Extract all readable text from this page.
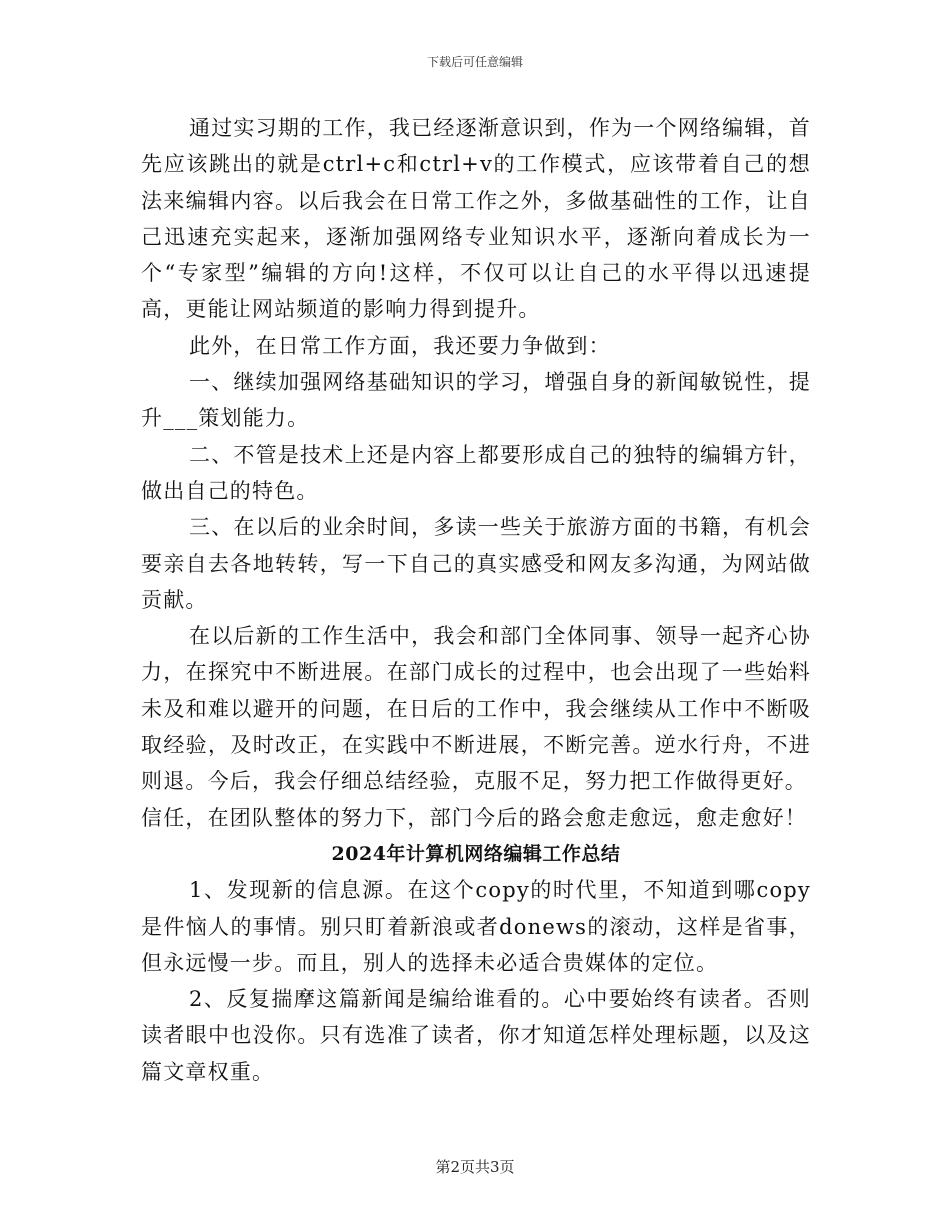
下载后可任意编辑

通过实习期的工作，我已经逐渐意识到，作为一个网络编辑，首先应该跳出的就是ctrl+c和ctrl+v的工作模式，应该带着自己的想法来编辑内容。以后我会在日常工作之外，多做基础性的工作，让自己迅速充实起来，逐渐加强网络专业知识水平，逐渐向着成长为一个“专家型”编辑的方向!这样，不仅可以让自己的水平得以迅速提高，更能让网站频道的影响力得到提升。

此外，在日常工作方面，我还要力争做到：

一、继续加强网络基础知识的学习，增强自身的新闻敏锐性，提升___策划能力。

二、不管是技术上还是内容上都要形成自己的独特的编辑方针，做出自己的特色。

三、在以后的业余时间，多读一些关于旅游方面的书籍，有机会要亲自去各地转转，写一下自己的真实感受和网友多沟通，为网站做贡献。

在以后新的工作生活中，我会和部门全体同事、领导一起齐心协力，在探究中不断进展。在部门成长的过程中，也会出现了一些始料未及和难以避开的问题，在日后的工作中，我会继续从工作中不断吸取经验，及时改正，在实践中不断进展，不断完善。逆水行舟，不进则退。今后，我会仔细总结经验，克服不足，努力把工作做得更好。

信任，在团队整体的努力下，部门今后的路会愈走愈远，愈走愈好！

2024年计算机网络编辑工作总结

1、发现新的信息源。在这个copy的时代里，不知道到哪copy是件恼人的事情。别只盯着新浪或者donews的滚动，这样是省事，但永远慢一步。而且，别人的选择未必适合贵媒体的定位。

2、反复揣摩这篇新闻是编给谁看的。心中要始终有读者。否则读者眼中也没你。只有选准了读者，你才知道怎样处理标题，以及这篇文章权重。

第2页共3页
